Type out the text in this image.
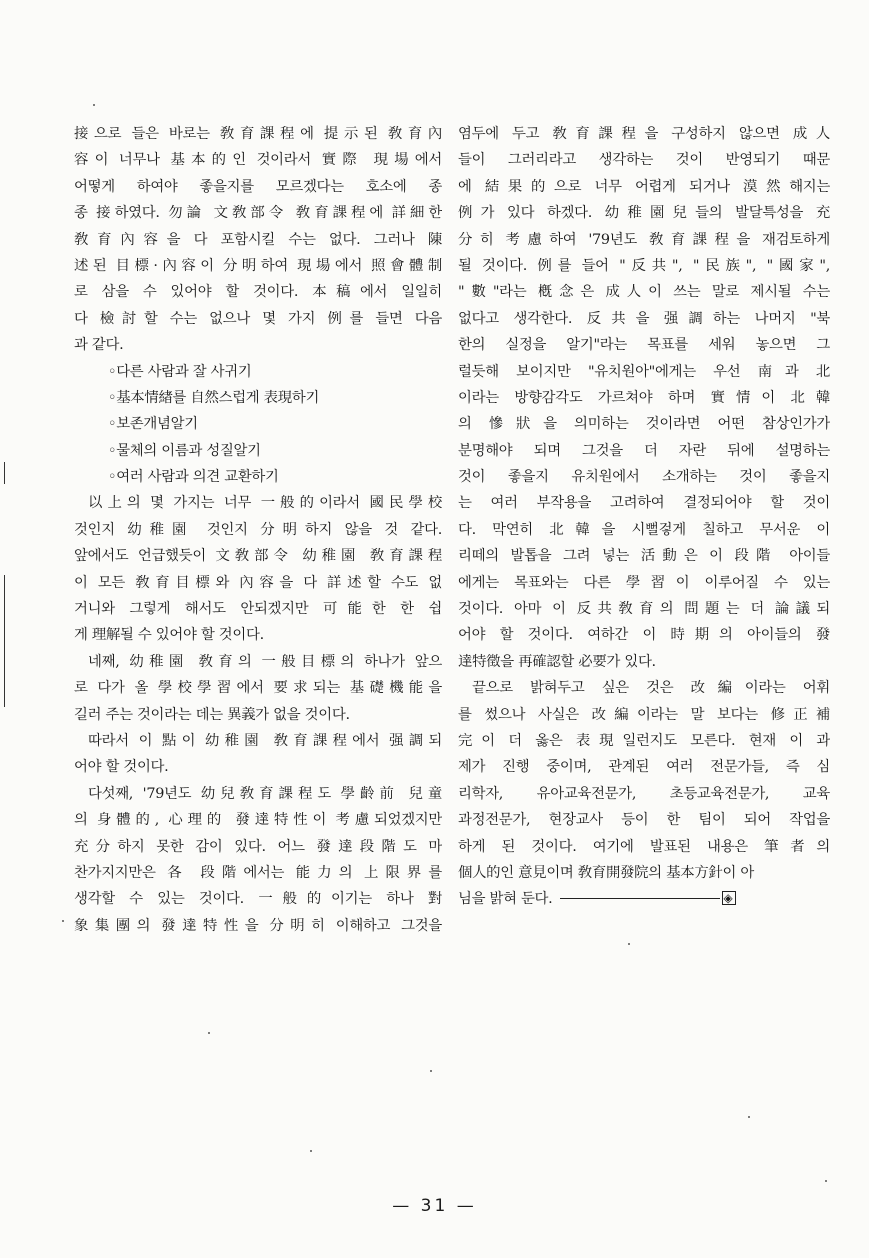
接으로 들은 바로는 敎育課程에 提示된 敎育內
容이 너무나 基本的인 것이라서 實際 現場에서
어떻게 하여야 좋을지를 모르겠다는 호소에 종
종 接하였다. 勿論 文敎部令 敎育課程에 詳細한
敎育內容을 다 포함시킬 수는 없다. 그러나 陳
述된 目標·內容이 分明하여 現場에서 照會體制
로 삼을 수 있어야 할 것이다. 本稿에서 일일히
다 檢討할 수는 없으나 몇 가지 例를 들면 다음
과 같다.
◦다른 사람과 잘 사귀기
◦基本情緖를 自然스럽게 表現하기
◦보존개념알기
◦물체의 이름과 성질알기
◦여러 사람과 의견 교환하기
以上의 몇 가지는 너무 一般的이라서 國民學校
것인지 幼稚園 것인지 分明하지 않을 것 같다.
앞에서도 언급했듯이 文敎部令 幼稚園 敎育課程
이 모든 敎育目標와 內容을 다 詳述할 수도 없
거니와 그렇게 해서도 안되겠지만 可能한 한 쉽
게 理解될 수 있어야 할 것이다.
네째, 幼稚園 敎育의 一般目標의 하나가 앞으
로 다가 올 學校學習에서 要求되는 基礎機能을
길러 주는 것이라는 데는 異義가 없을 것이다.
따라서 이 點이 幼稚園 敎育課程에서 强調되
어야 할 것이다.
다섯째, '79년도 幼兒敎育課程도 學齡前 兒童
의 身體的, 心理的 發達特性이 考慮되었겠지만
充分하지 못한 감이 있다. 어느 發達段階도 마
찬가지지만은 各 段階에서는 能力의 上限界를
생각할 수 있는 것이다. 一般的이기는 하나 對
象集團의 發達特性을 分明히 이해하고 그것을
염두에 두고 敎育課程을 구성하지 않으면 成人
들이 그러리라고 생각하는 것이 반영되기 때문
에 結果的으로 너무 어렵게 되거나 漠然해지는
例가 있다 하겠다. 幼稚園兒들의 발달특성을 充
分히 考慮하여 '79년도 敎育課程을 재검토하게
될 것이다. 例를 들어 "反共", "民族", "國家",
"數"라는 槪念은 成人이 쓰는 말로 제시될 수는
없다고 생각한다. 反共을 强調하는 나머지 "북
한의 실정을 알기"라는 목표를 세워 놓으면 그
럴듯해 보이지만 "유치원아"에게는 우선 南과 北
이라는 방향감각도 가르쳐야 하며 實情이 北韓
의 慘狀을 의미하는 것이라면 어떤 참상인가가
분명해야 되며 그것을 더 자란 뒤에 설명하는
것이 좋을지 유치원에서 소개하는 것이 좋을지
는 여러 부작용을 고려하여 결정되어야 할 것이
다. 막연히 北韓을 시뻘겋게 칠하고 무서운 이
리떼의 발톱을 그려 넣는 活動은 이 段階 아이들
에게는 목표와는 다른 學習이 이루어질 수 있는
것이다. 아마 이 反共敎育의 問題는 더 論議되
어야 할 것이다. 여하간 이 時期의 아이들의 發
達特徵을 再確認할 必要가 있다.
끝으로 밝혀두고 싶은 것은 改編이라는 어휘
를 썼으나 사실은 改編이라는 말 보다는 修正補
完이 더 옳은 表現일런지도 모른다. 현재 이 과
제가 진행 중이며, 관계된 여러 전문가들, 즉 심
리학자, 유아교육전문가, 초등교육전문가, 교육
과정전문가, 현장교사 등이 한 팀이 되어 작업을
하게 된 것이다. 여기에 발표된 내용은 筆者의
個人的인 意見이며 敎育開發院의 基本方針이 아
님을 밝혀 둔다.	◈
— 31 —
